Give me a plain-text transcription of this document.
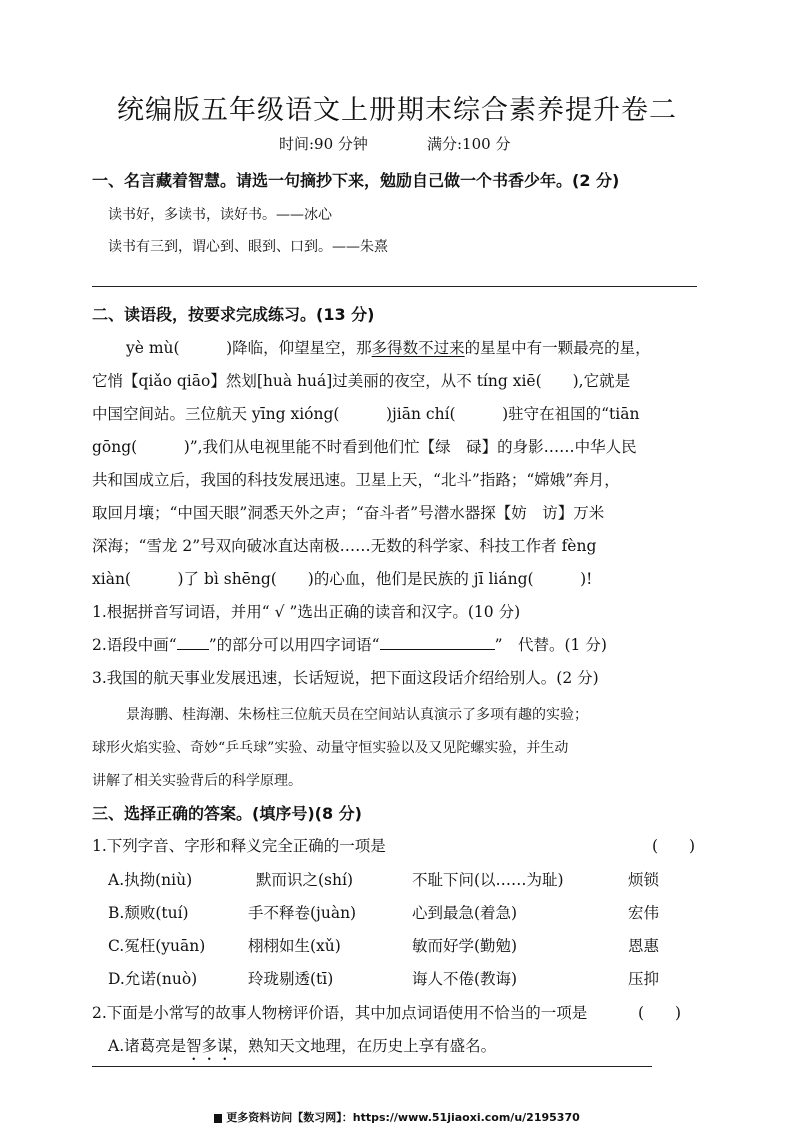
统编版五年级语文上册期末综合素养提升卷二
时间:90 分钟	满分:100 分
一、名言藏着智慧。请选一句摘抄下来，勉励自己做一个书香少年。(2 分)
读书好，多读书，读好书。——冰心
读书有三到，谓心到、眼到、口到。——朱熹
二、读语段，按要求完成练习。(13 分)
yè mù(　　　)降临，仰望星空，那多得数不过来的星星中有一颗最亮的星，
它悄【qiǎo qiāo】然划[huà huá]过美丽的夜空，从不 tíng xiē(　　),它就是
中国空间站。三位航天 yīng xióng(　　　)jiān chí(　　　)驻守在祖国的“tiān
gōng(　　　)”,我们从电视里能不时看到他们忙【绿　碌】的身影……中华人民
共和国成立后，我国的科技发展迅速。卫星上天，“北斗”指路；“嫦娥”奔月，
取回月壤；“中国天眼”洞悉天外之声；“奋斗者”号潜水器探【妨　访】万米
深海；“雪龙 2”号双向破冰直达南极……无数的科学家、科技工作者 fèng
xiàn(　　　)了 bì shēng(　　)的心血，他们是民族的 jī liáng(　　　)!
1.根据拼音写词语，并用“ √ ”选出正确的读音和汉字。(10 分)
2.语段中画“ ”的部分可以用四字词语“	”　代替。(1 分)
3.我国的航天事业发展迅速，长话短说，把下面这段话介绍给别人。(2 分)
景海鹏、桂海潮、朱杨柱三位航天员在空间站认真演示了多项有趣的实验；
球形火焰实验、奇妙“乒乓球”实验、动量守恒实验以及又见陀螺实验，并生动
讲解了相关实验背后的科学原理。
三、选择正确的答案。(填序号)(8 分)
1.下列字音、字形和释义完全正确的一项是	(　　)
A.执拗(niù)	默而识之(shí)	不耻下问(以……为耻)	烦锁
B.颓败(tuí)	手不释卷(juàn)	心到最急(着急)	宏伟
C.冤枉(yuān)	栩栩如生(xǔ)	敏而好学(勤勉)	恩惠
D.允诺(nuò)	玲珑剔透(tī)	诲人不倦(教诲)	压抑
2.下面是小常写的故事人物榜评价语，其中加点词语使用不恰当的一项是	(　　)
A.诸葛亮是智多谋，熟知天文地理，在历史上享有盛名。
更多资料访问【数习网】：https://www.51jiaoxi.com/u/2195370
